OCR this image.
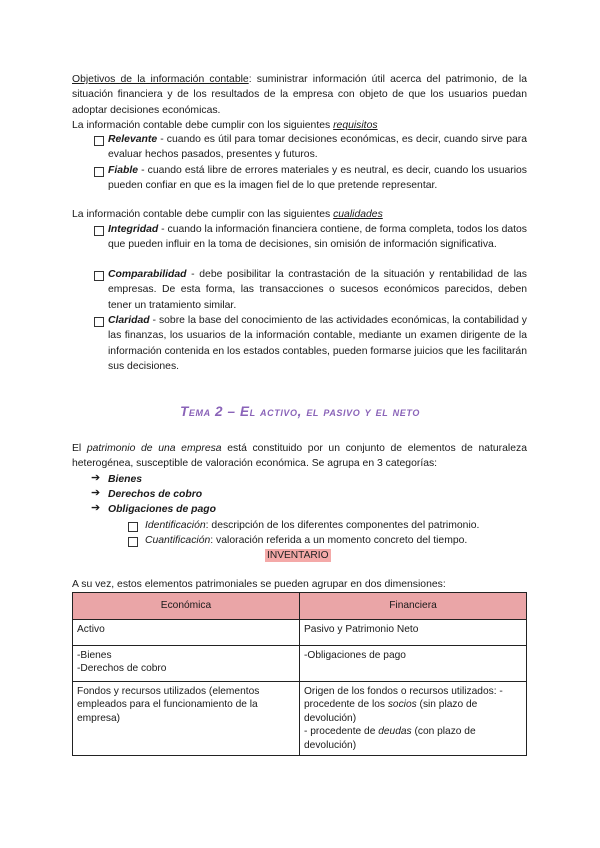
Objetivos de la información contable: suministrar información útil acerca del patrimonio, de la situación financiera y de los resultados de la empresa con objeto de que los usuarios puedan adoptar decisiones económicas.

La información contable debe cumplir con los siguientes requisitos

Relevante - cuando es útil para tomar decisiones económicas, es decir, cuando sirve para evaluar hechos pasados, presentes y futuros.

Fiable - cuando está libre de errores materiales y es neutral, es decir, cuando los usuarios pueden confiar en que es la imagen fiel de lo que pretende representar.

La información contable debe cumplir con las siguientes cualidades

Integridad - cuando la información financiera contiene, de forma completa, todos los datos que pueden influir en la toma de decisiones, sin omisión de información significativa.

Comparabilidad - debe posibilitar la contrastación de la situación y rentabilidad de las empresas. De esta forma, las transacciones o sucesos económicos parecidos, deben tener un tratamiento similar.

Claridad - sobre la base del conocimiento de las actividades económicas, la contabilidad y las finanzas, los usuarios de la información contable, mediante un examen dirigente de la información contenida en los estados contables, pueden formarse juicios que les facilitarán sus decisiones.

Tema 2 – El activo, el pasivo y el neto

El patrimonio de una empresa está constituido por un conjunto de elementos de naturaleza heterogénea, susceptible de valoración económica. Se agrupa en 3 categorías:

➔ Bienes
➔ Derechos de cobro
➔ Obligaciones de pago

Identificación: descripción de los diferentes componentes del patrimonio.

Cuantificación: valoración referida a un momento concreto del tiempo.

INVENTARIO

A su vez, estos elementos patrimoniales se pueden agrupar en dos dimensiones:

Económica	Financiera
Activo	Pasivo y Patrimonio Neto

-Bienes
-Derechos de cobro	-Obligaciones de pago
Fondos y recursos utilizados (elementos empleados para el funcionamiento de la empresa)	Origen de los fondos o recursos utilizados: - procedente de los socios (sin plazo de devolución)
- procedente de deudas (con plazo de devolución)
